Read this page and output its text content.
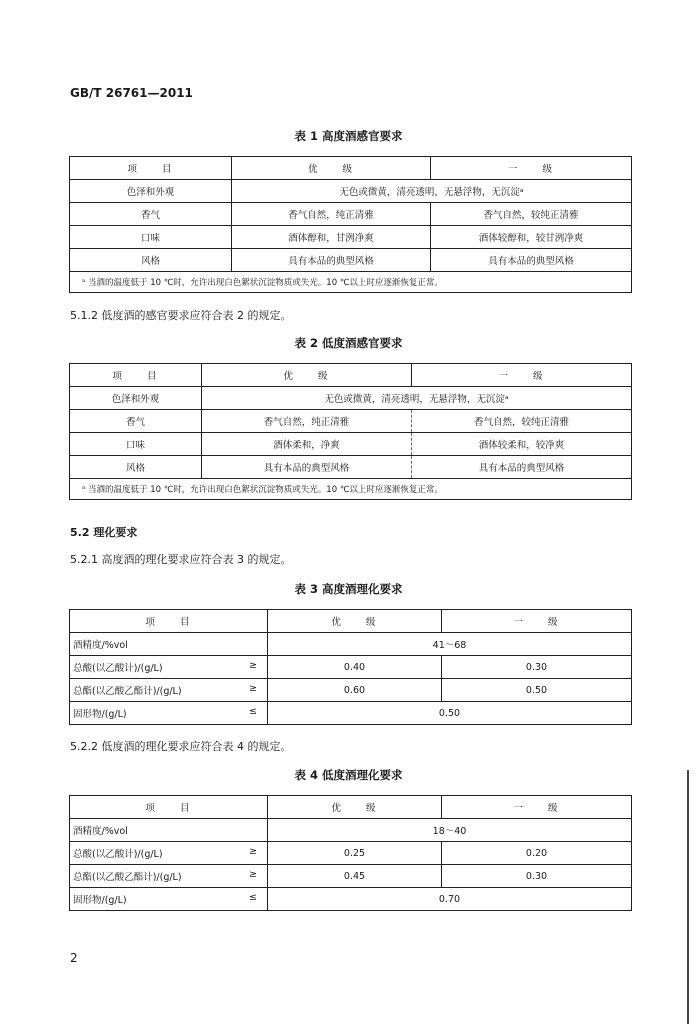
GB/T 26761—2011
表 1 高度酒感官要求
项　　目	优　　级	一　　级
色泽和外观	无色或微黄，清亮透明，无悬浮物，无沉淀ᵃ	
香气	香气自然，纯正清雅	香气自然，较纯正清雅
口味	酒体醇和，甘洌净爽	酒体较醇和，较甘洌净爽
风格	具有本品的典型风格	具有本品的典型风格
ᵃ 当酒的温度低于 10 ℃时，允许出现白色絮状沉淀物质或失光。10 ℃以上时应逐渐恢复正常。		
5.1.2 低度酒的感官要求应符合表 2 的规定。
表 2 低度酒感官要求
项　　目	优　　级	一　　级
色泽和外观	无色或微黄，清亮透明，无悬浮物，无沉淀ᵃ	
香气	香气自然，纯正清雅	香气自然，较纯正清雅
口味	酒体柔和，净爽	酒体较柔和，较净爽
风格	具有本品的典型风格	具有本品的典型风格
ᵃ 当酒的温度低于 10 ℃时，允许出现白色絮状沉淀物质或失光。10 ℃以上时应逐渐恢复正常。		
5.2 理化要求
5.2.1 高度酒的理化要求应符合表 3 的规定。
表 3 高度酒理化要求
项　　目	优　　级	一　　级
酒精度/%vol	41～68	
总酸(以乙酸计)/(g/L) ≥	0.40	0.30
总酯(以乙酸乙酯计)/(g/L) ≥	0.60	0.50
固形物/(g/L) ≤	0.50	
5.2.2 低度酒的理化要求应符合表 4 的规定。
表 4 低度酒理化要求
项　　目	优　　级	一　　级
酒精度/%vol	18～40	
总酸(以乙酸计)/(g/L) ≥	0.25	0.20
总酯(以乙酸乙酯计)/(g/L) ≥	0.45	0.30
固形物/(g/L) ≤	0.70	
2
